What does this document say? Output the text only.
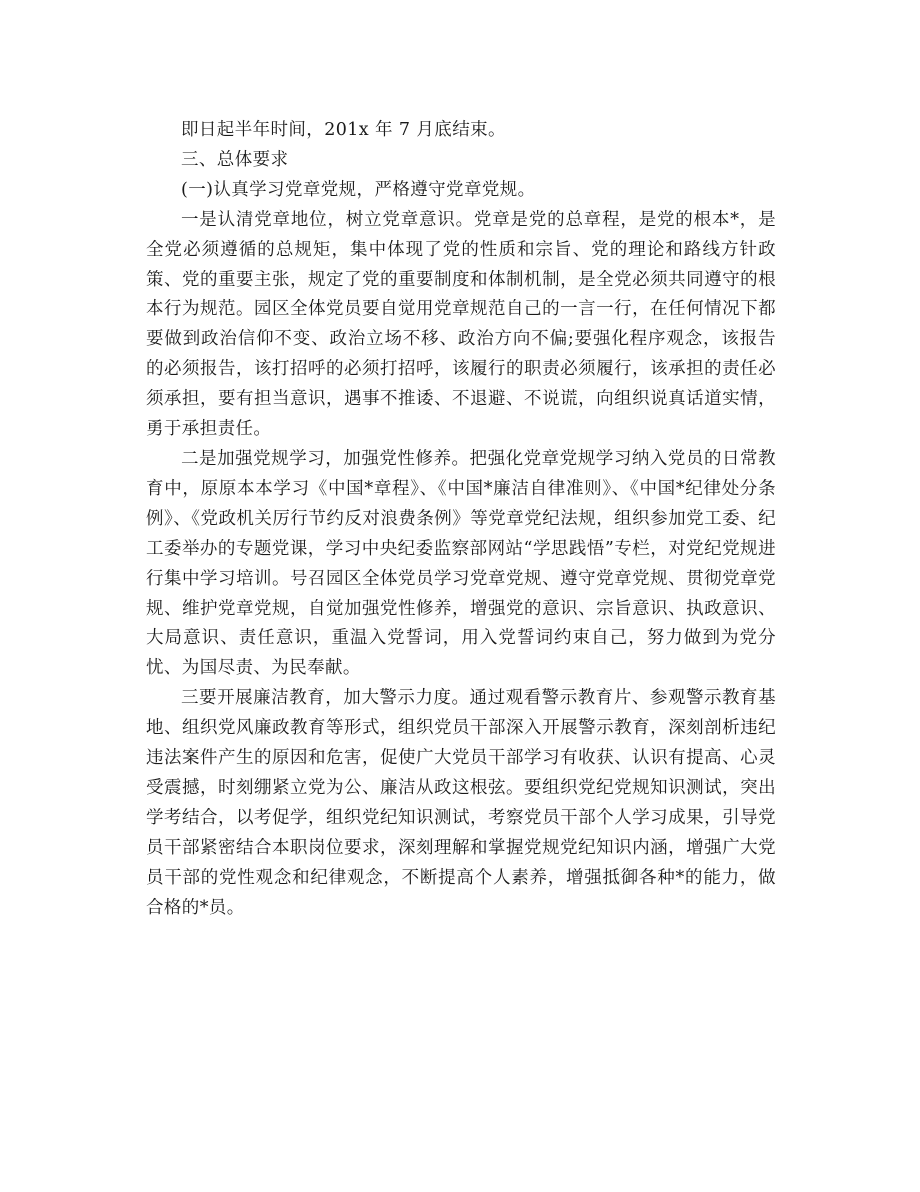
即日起半年时间，201x 年 7 月底结束。

三、总体要求

(一)认真学习党章党规，严格遵守党章党规。

一是认清党章地位，树立党章意识。党章是党的总章程，是党的根本*，是全党必须遵循的总规矩，集中体现了党的性质和宗旨、党的理论和路线方针政策、党的重要主张，规定了党的重要制度和体制机制，是全党必须共同遵守的根本行为规范。园区全体党员要自觉用党章规范自己的一言一行，在任何情况下都要做到政治信仰不变、政治立场不移、政治方向不偏;要强化程序观念，该报告的必须报告，该打招呼的必须打招呼，该履行的职责必须履行，该承担的责任必须承担，要有担当意识，遇事不推诿、不退避、不说谎，向组织说真话道实情，勇于承担责任。

二是加强党规学习，加强党性修养。把强化党章党规学习纳入党员的日常教育中，原原本本学习《中国*章程》、《中国*廉洁自律准则》、《中国*纪律处分条例》、《党政机关厉行节约反对浪费条例》等党章党纪法规，组织参加党工委、纪工委举办的专题党课，学习中央纪委监察部网站“学思践悟”专栏，对党纪党规进行集中学习培训。号召园区全体党员学习党章党规、遵守党章党规、贯彻党章党规、维护党章党规，自觉加强党性修养，增强党的意识、宗旨意识、执政意识、大局意识、责任意识，重温入党誓词，用入党誓词约束自己，努力做到为党分忧、为国尽责、为民奉献。

三要开展廉洁教育，加大警示力度。通过观看警示教育片、参观警示教育基地、组织党风廉政教育等形式，组织党员干部深入开展警示教育，深刻剖析违纪违法案件产生的原因和危害，促使广大党员干部学习有收获、认识有提高、心灵受震撼，时刻绷紧立党为公、廉洁从政这根弦。要组织党纪党规知识测试，突出学考结合，以考促学，组织党纪知识测试，考察党员干部个人学习成果，引导党员干部紧密结合本职岗位要求，深刻理解和掌握党规党纪知识内涵，增强广大党员干部的党性观念和纪律观念，不断提高个人素养，增强抵御各种*的能力，做合格的*员。
